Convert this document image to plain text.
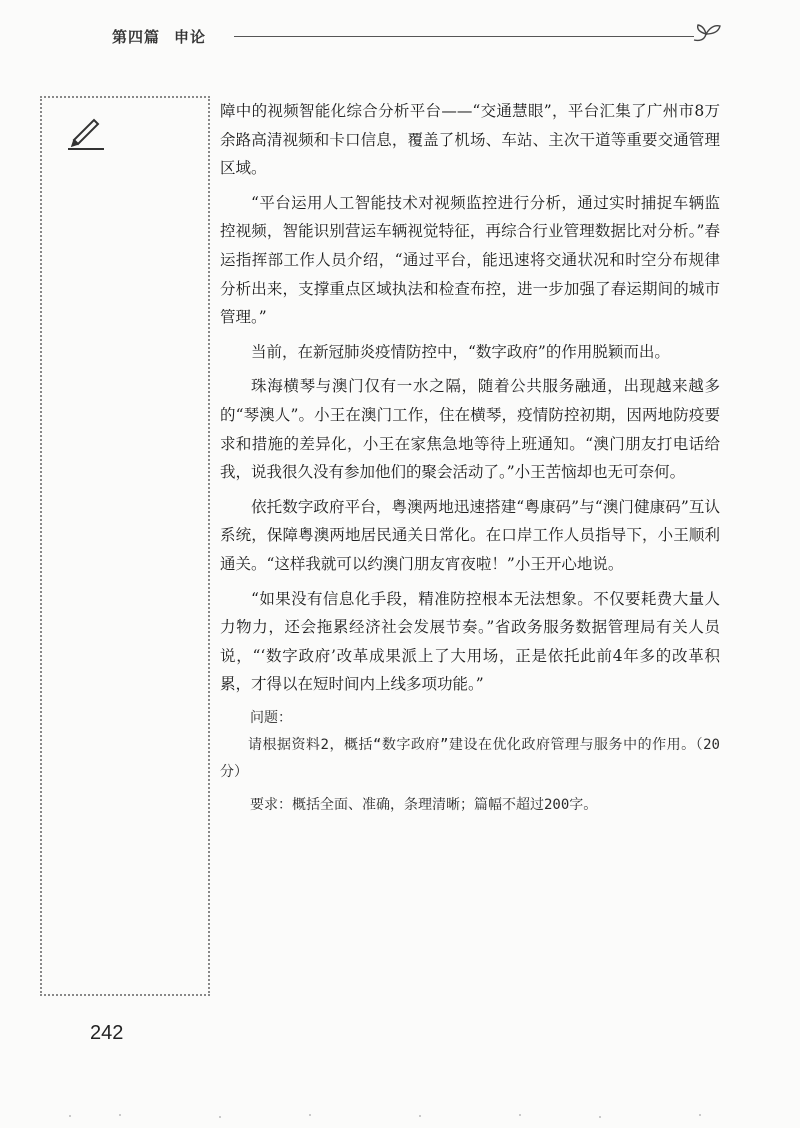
第四篇 申论

障中的视频智能化综合分析平台——“交通慧眼”，平台汇集了广州市8万余路高清视频和卡口信息，覆盖了机场、车站、主次干道等重要交通管理区域。

“平台运用人工智能技术对视频监控进行分析，通过实时捕捉车辆监控视频，智能识别营运车辆视觉特征，再综合行业管理数据比对分析。”春运指挥部工作人员介绍，“通过平台，能迅速将交通状况和时空分布规律分析出来，支撑重点区域执法和检查布控，进一步加强了春运期间的城市管理。”

当前，在新冠肺炎疫情防控中，“数字政府”的作用脱颖而出。

珠海横琴与澳门仅有一水之隔，随着公共服务融通，出现越来越多的“琴澳人”。小王在澳门工作，住在横琴，疫情防控初期，因两地防疫要求和措施的差异化，小王在家焦急地等待上班通知。“澳门朋友打电话给我，说我很久没有参加他们的聚会活动了。”小王苦恼却也无可奈何。

依托数字政府平台，粤澳两地迅速搭建“粤康码”与“澳门健康码”互认系统，保障粤澳两地居民通关日常化。在口岸工作人员指导下，小王顺利通关。“这样我就可以约澳门朋友宵夜啦！”小王开心地说。

“如果没有信息化手段，精准防控根本无法想象。不仅要耗费大量人力物力，还会拖累经济社会发展节奏。”省政务服务数据管理局有关人员说，“‘数字政府’改革成果派上了大用场，正是依托此前4年多的改革积累，才得以在短时间内上线多项功能。”

问题：
请根据资料2，概括“数字政府”建设在优化政府管理与服务中的作用。（20分）
要求：概括全面、准确，条理清晰；篇幅不超过200字。
242
